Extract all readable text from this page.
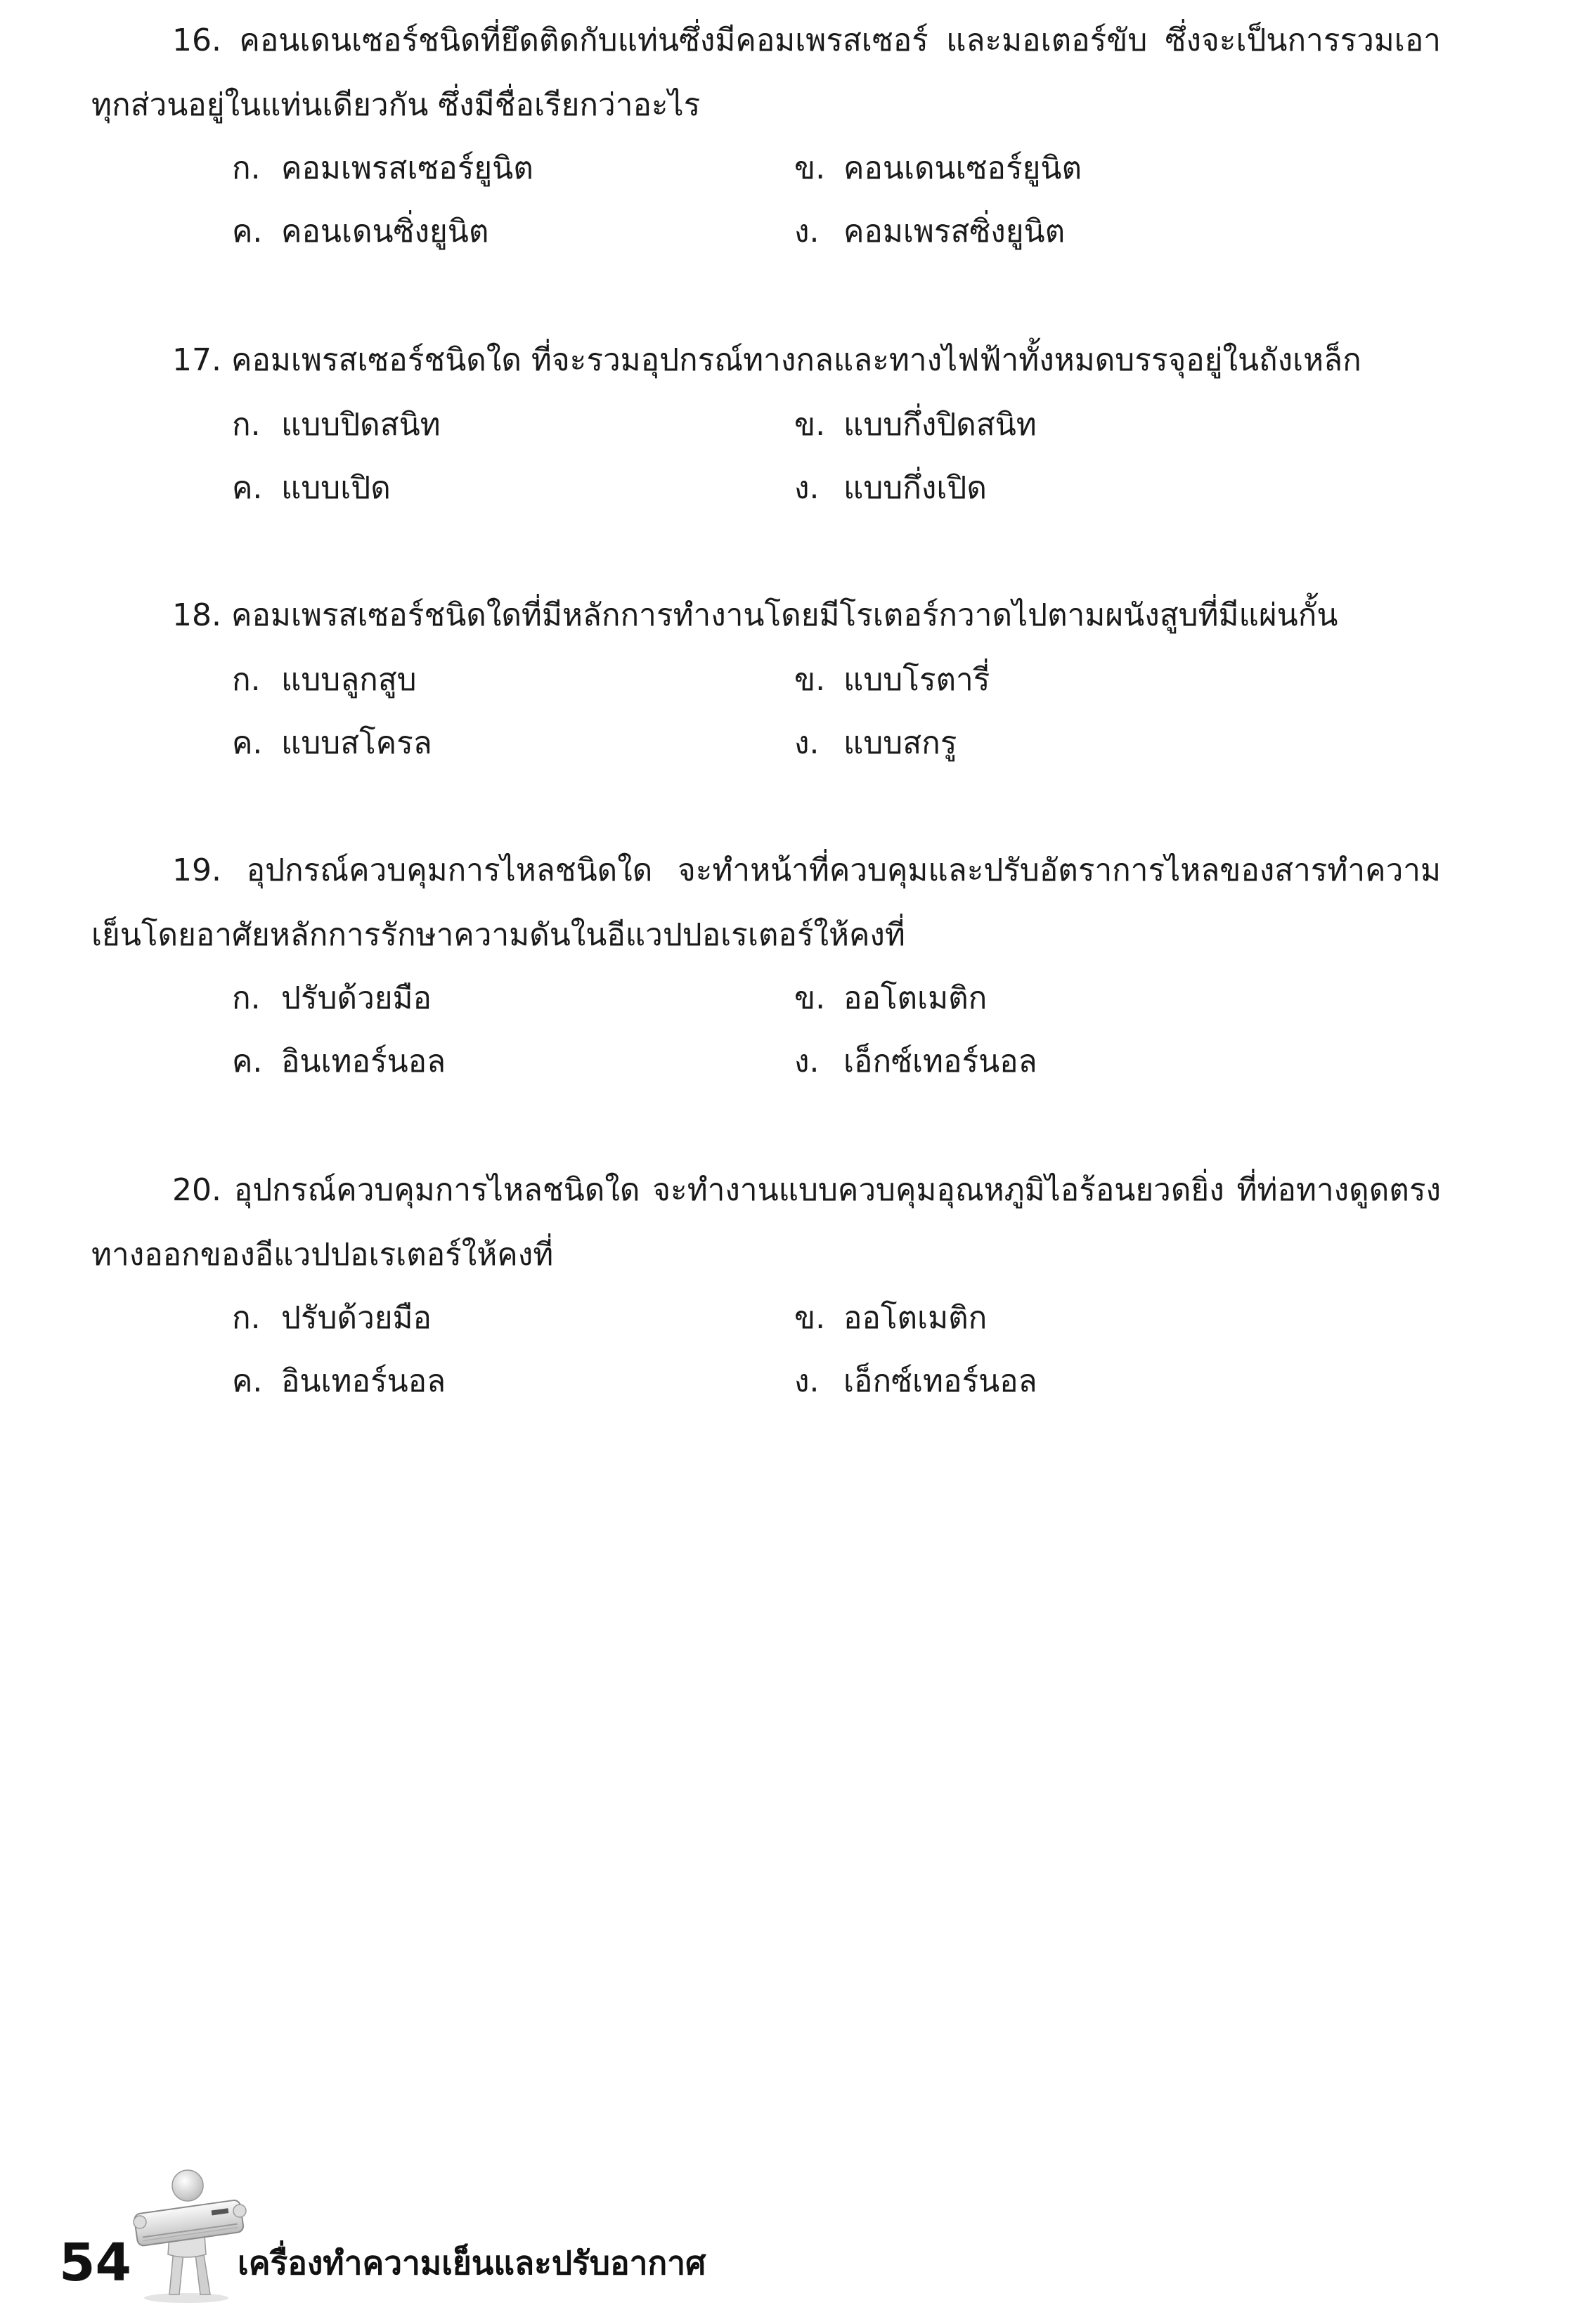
16. คอนเดนเซอร์ชนิดที่ยึดติดกับแท่นซึ่งมีคอมเพรสเซอร์ และมอเตอร์ขับ ซึ่งจะเป็นการรวมเอาทุกส่วนอยู่ในแท่นเดียวกัน ซึ่งมีชื่อเรียกว่าอะไร

ก. คอมเพรสเซอร์ยูนิต	ข. คอนเดนเซอร์ยูนิต
ค. คอนเดนซิ่งยูนิต	ง. คอมเพรสซิ่งยูนิต

17. คอมเพรสเซอร์ชนิดใด ที่จะรวมอุปกรณ์ทางกลและทางไฟฟ้าทั้งหมดบรรจุอยู่ในถังเหล็ก

ก. แบบปิดสนิท	ข. แบบกึ่งปิดสนิท
ค. แบบเปิด	ง. แบบกึ่งเปิด

18. คอมเพรสเซอร์ชนิดใดที่มีหลักการทำงานโดยมีโรเตอร์กวาดไปตามผนังสูบที่มีแผ่นกั้น

ก. แบบลูกสูบ	ข. แบบโรตารี่
ค. แบบสโครล	ง. แบบสกรู

19. อุปกรณ์ควบคุมการไหลชนิดใด จะทำหน้าที่ควบคุมและปรับอัตราการไหลของสารทำความเย็นโดยอาศัยหลักการรักษาความดันในอีแวปปอเรเตอร์ให้คงที่

ก. ปรับด้วยมือ	ข. ออโตเมติก
ค. อินเทอร์นอล	ง. เอ็กซ์เทอร์นอล

20. อุปกรณ์ควบคุมการไหลชนิดใด จะทำงานแบบควบคุมอุณหภูมิไอร้อนยวดยิ่ง ที่ท่อทางดูดตรงทางออกของอีแวปปอเรเตอร์ให้คงที่

ก. ปรับด้วยมือ	ข. ออโตเมติก
ค. อินเทอร์นอล	ง. เอ็กซ์เทอร์นอล
54	เครื่องทำความเย็นและปรับอากาศ
